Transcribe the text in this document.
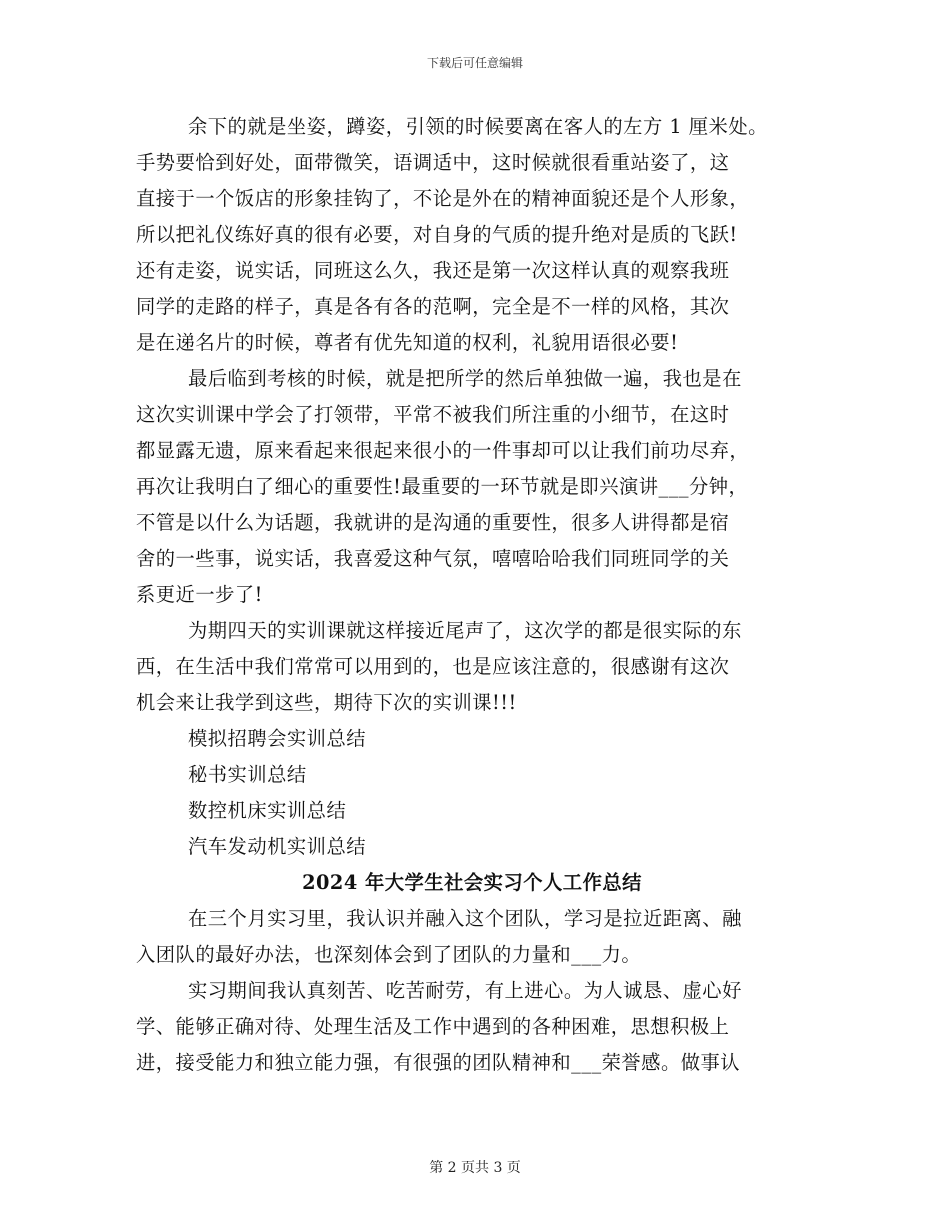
下载后可任意编辑
余下的就是坐姿，蹲姿，引领的时候要离在客人的左方 1 厘米处。
手势要恰到好处，面带微笑，语调适中，这时候就很看重站姿了，这
直接于一个饭店的形象挂钩了，不论是外在的精神面貌还是个人形象，
所以把礼仪练好真的很有必要，对自身的气质的提升绝对是质的飞跃!
还有走姿，说实话，同班这么久，我还是第一次这样认真的观察我班
同学的走路的样子，真是各有各的范啊，完全是不一样的风格，其次
是在递名片的时候，尊者有优先知道的权利，礼貌用语很必要!
最后临到考核的时候，就是把所学的然后单独做一遍，我也是在
这次实训课中学会了打领带，平常不被我们所注重的小细节，在这时
都显露无遗，原来看起来很起来很小的一件事却可以让我们前功尽弃，
再次让我明白了细心的重要性!最重要的一环节就是即兴演讲___分钟，
不管是以什么为话题，我就讲的是沟通的重要性，很多人讲得都是宿
舍的一些事，说实话，我喜爱这种气氛，嘻嘻哈哈我们同班同学的关
系更近一步了!
为期四天的实训课就这样接近尾声了，这次学的都是很实际的东
西，在生活中我们常常可以用到的，也是应该注意的，很感谢有这次
机会来让我学到这些，期待下次的实训课!!!
模拟招聘会实训总结
秘书实训总结
数控机床实训总结
汽车发动机实训总结
2024 年大学生社会实习个人工作总结
在三个月实习里，我认识并融入这个团队，学习是拉近距离、融
入团队的最好办法，也深刻体会到了团队的力量和___力。
实习期间我认真刻苦、吃苦耐劳，有上进心。为人诚恳、虚心好
学、能够正确对待、处理生活及工作中遇到的各种困难，思想积极上
进，接受能力和独立能力强，有很强的团队精神和___荣誉感。做事认
第 2 页共 3 页
